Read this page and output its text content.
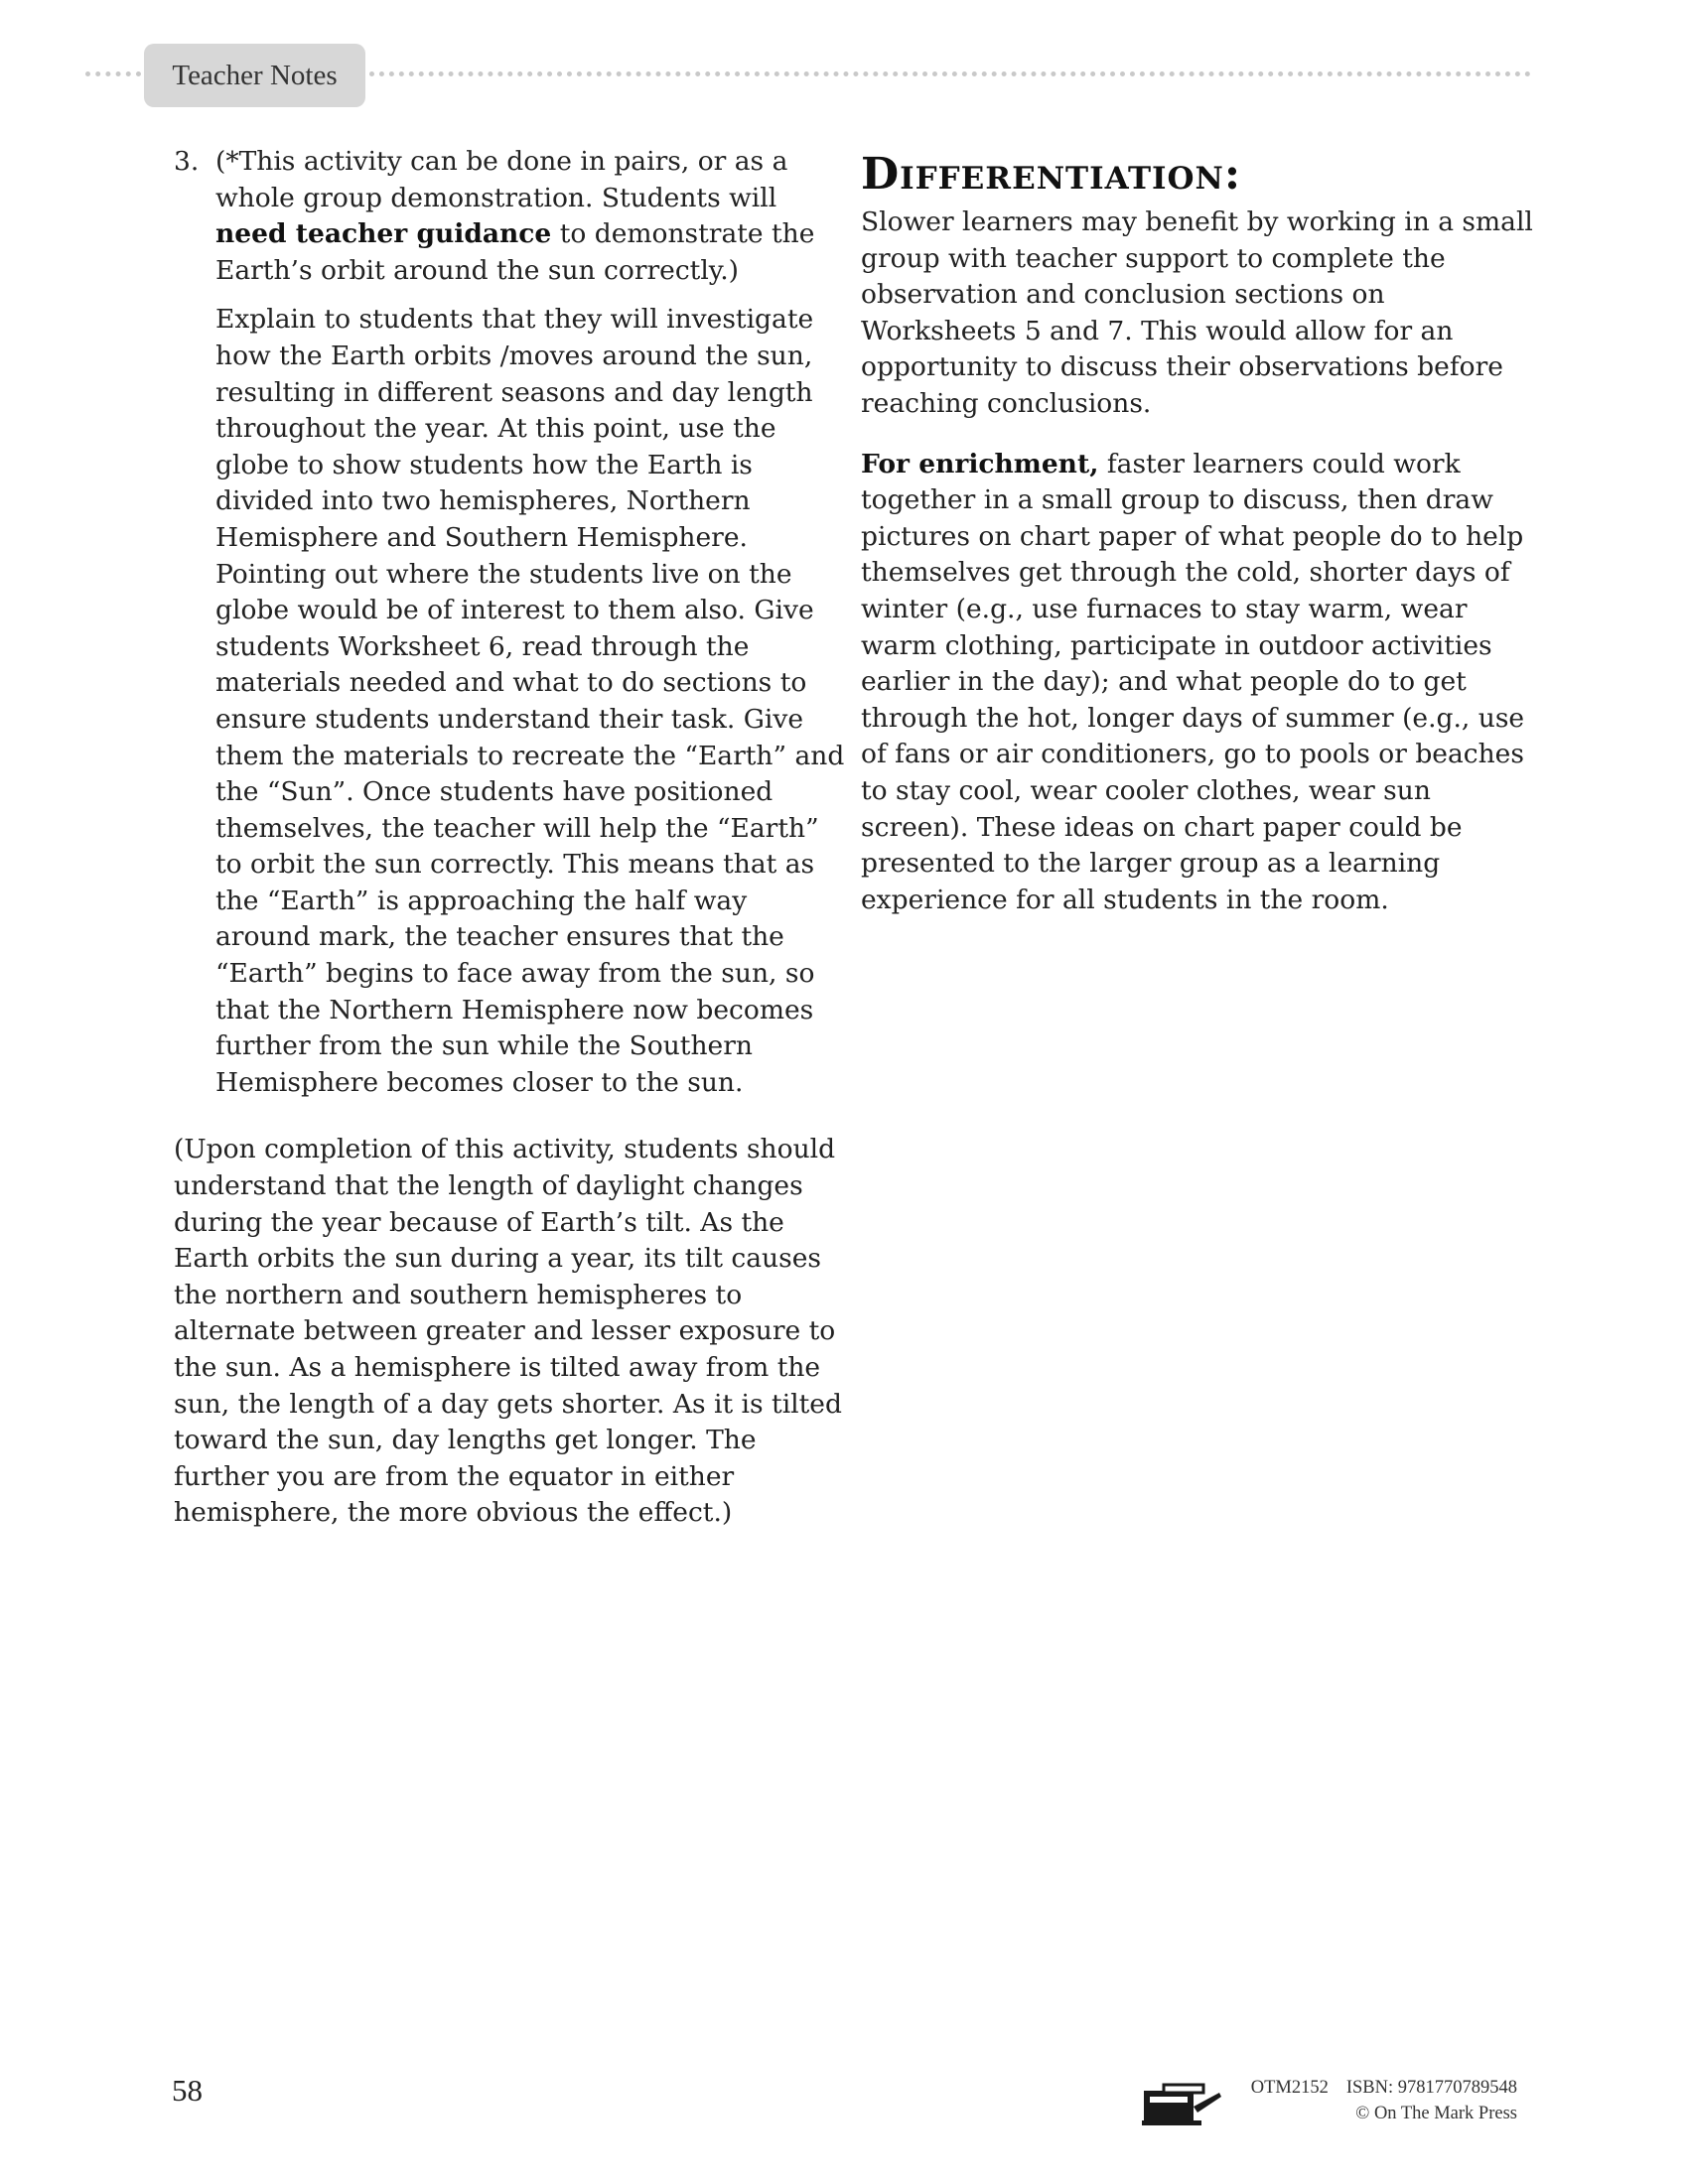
Teacher Notes

3. (*This activity can be done in pairs, or as a whole group demonstration. Students will need teacher guidance to demonstrate the Earth’s orbit around the sun correctly.)

Explain to students that they will investigate how the Earth orbits /moves around the sun, resulting in different seasons and day length throughout the year. At this point, use the globe to show students how the Earth is divided into two hemispheres, Northern Hemisphere and Southern Hemisphere. Pointing out where the students live on the globe would be of interest to them also. Give students Worksheet 6, read through the materials needed and what to do sections to ensure students understand their task. Give them the materials to recreate the “Earth” and the “Sun”. Once students have positioned themselves, the teacher will help the “Earth” to orbit the sun correctly. This means that as the “Earth” is approaching the half way around mark, the teacher ensures that the “Earth” begins to face away from the sun, so that the Northern Hemisphere now becomes further from the sun while the Southern Hemisphere becomes closer to the sun.

(Upon completion of this activity, students should understand that the length of daylight changes during the year because of Earth’s tilt. As the Earth orbits the sun during a year, its tilt causes the northern and southern hemispheres to alternate between greater and lesser exposure to the sun. As a hemisphere is tilted away from the sun, the length of a day gets shorter. As it is tilted toward the sun, day lengths get longer. The further you are from the equator in either hemisphere, the more obvious the effect.)

Differentiation:

Slower learners may benefit by working in a small group with teacher support to complete the observation and conclusion sections on Worksheets 5 and 7. This would allow for an opportunity to discuss their observations before reaching conclusions.

For enrichment, faster learners could work together in a small group to discuss, then draw pictures on chart paper of what people do to help themselves get through the cold, shorter days of winter (e.g., use furnaces to stay warm, wear warm clothing, participate in outdoor activities earlier in the day); and what people do to get through the hot, longer days of summer (e.g., use of fans or air conditioners, go to pools or beaches to stay cool, wear cooler clothes, wear sun screen). These ideas on chart paper could be presented to the larger group as a learning experience for all students in the room.

58	OTM2152 ISBN: 9781770789548
© On The Mark Press
